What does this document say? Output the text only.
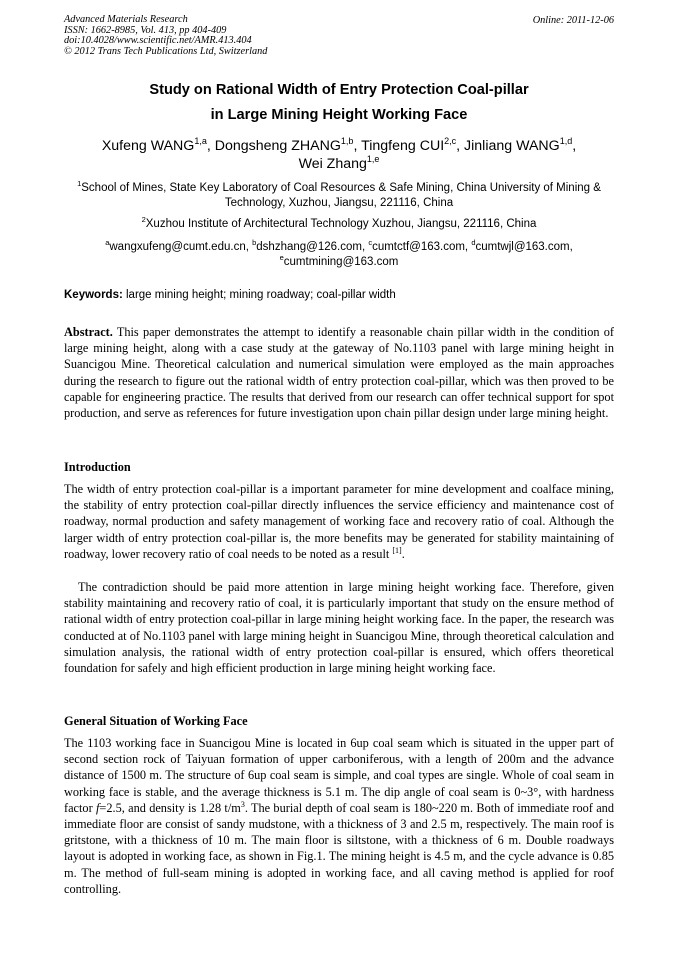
Advanced Materials Research
ISSN: 1662-8985, Vol. 413, pp 404-409
doi:10.4028/www.scientific.net/AMR.413.404
© 2012 Trans Tech Publications Ltd, Switzerland
Online: 2011-12-06
Study on Rational Width of Entry Protection Coal-pillar
in Large Mining Height Working Face
Xufeng WANG$^{1,a}$, Dongsheng ZHANG$^{1,b}$, Tingfeng CUI$^{2,c}$, Jinliang WANG$^{1,d}$,
Wei Zhang$^{1,e}$
$^1$School of Mines, State Key Laboratory of Coal Resources & Safe Mining, China University of Mining & Technology, Xuzhou, Jiangsu, 221116, China
$^2$Xuzhou Institute of Architectural Technology Xuzhou, Jiangsu, 221116, China
$^a$wangxufeng@cumt.edu.cn, $^b$dshzhang@126.com, $^c$cumtctf@163.com, $^d$cumtwjl@163.com,
$^e$cumtmining@163.com
Keywords: large mining height; mining roadway; coal-pillar width
Abstract. This paper demonstrates the attempt to identify a reasonable chain pillar width in the condition of large mining height, along with a case study at the gateway of No.1103 panel with large mining height in Suancigou Mine. Theoretical calculation and numerical simulation were employed as the main approaches during the research to figure out the rational width of entry protection coal-pillar, which was then proved to be capable for engineering practice. The results that derived from our research can offer technical support for spot production, and serve as references for future investigation upon chain pillar design under large mining height.
Introduction
The width of entry protection coal-pillar is a important parameter for mine development and coalface mining, the stability of entry protection coal-pillar directly influences the service efficiency and maintenance cost of roadway, normal production and safety management of working face and recovery ratio of coal. Although the larger width of entry protection coal-pillar is, the more benefits may be generated for stability maintaining of roadway, lower recovery ratio of coal needs to be noted as a result [1].
The contradiction should be paid more attention in large mining height working face. Therefore, given stability maintaining and recovery ratio of coal, it is particularly important that study on the ensure method of rational width of entry protection coal-pillar in large mining height working face. In the paper, the research was conducted at of No.1103 panel with large mining height in Suancigou Mine, through theoretical calculation and simulation analysis, the rational width of entry protection coal-pillar is ensured, which offers theoretical foundation for safely and high efficient production in large mining height working face.
General Situation of Working Face
The 1103 working face in Suancigou Mine is located in 6up coal seam which is situated in the upper part of second section rock of Taiyuan formation of upper carboniferous, with a length of 200m and the advance distance of 1500 m. The structure of 6up coal seam is simple, and coal types are single. Whole of coal seam in working face is stable, and the average thickness is 5.1 m. The dip angle of coal seam is 0~3°, with hardness factor f=2.5, and density is 1.28 t/m$^3$. The burial depth of coal seam is 180~220 m. Both of immediate roof and immediate floor are consist of sandy mudstone, with a thickness of 3 and 2.5 m, respectively. The main roof is gritstone, with a thickness of 10 m. The main floor is siltstone, with a thickness of 6 m. Double roadways layout is adopted in working face, as shown in Fig.1. The mining height is 4.5 m, and the cycle advance is 0.85 m. The method of full-seam mining is adopted in working face, and all caving method is applied for roof controlling.
